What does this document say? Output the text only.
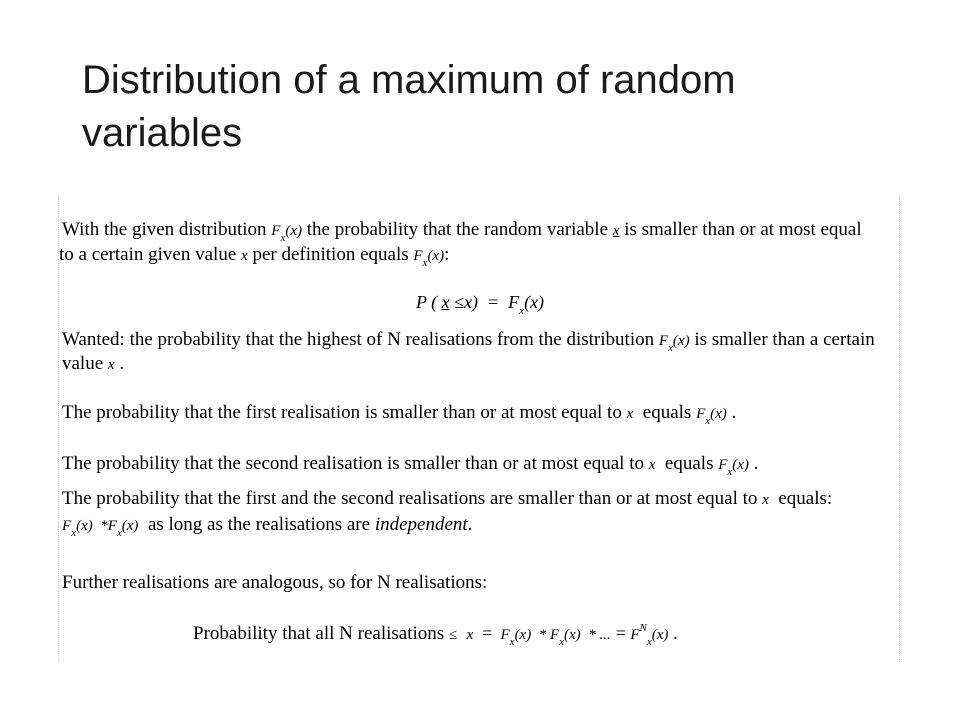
Distribution of a maximum of random variables
With the given distribution $F_x(x)$ the probability that the random variable x is smaller than or at most equal
to a certain given value x per definition equals $F_x(x)$:
P ( $x \le x) = F_x(x)$
Wanted: the probability that the highest of N realisations from the distribution $F_x(x)$ is smaller than a certain
value x .
The probability that the first realisation is smaller than or at most equal to x equals $F_x(x)$ .
The probability that the second realisation is smaller than or at most equal to x equals $F_x(x)$ .
The probability that the first and the second realisations are smaller than or at most equal to x equals:
$F_x(x)$ $*F_x(x)$ as long as the realisations are independent.
Further realisations are analogous, so for N realisations:
Probability that all N realisations ≤ $x = F_x(x) * F_x(x)$ * ... = $F^N_x(x)$ .
